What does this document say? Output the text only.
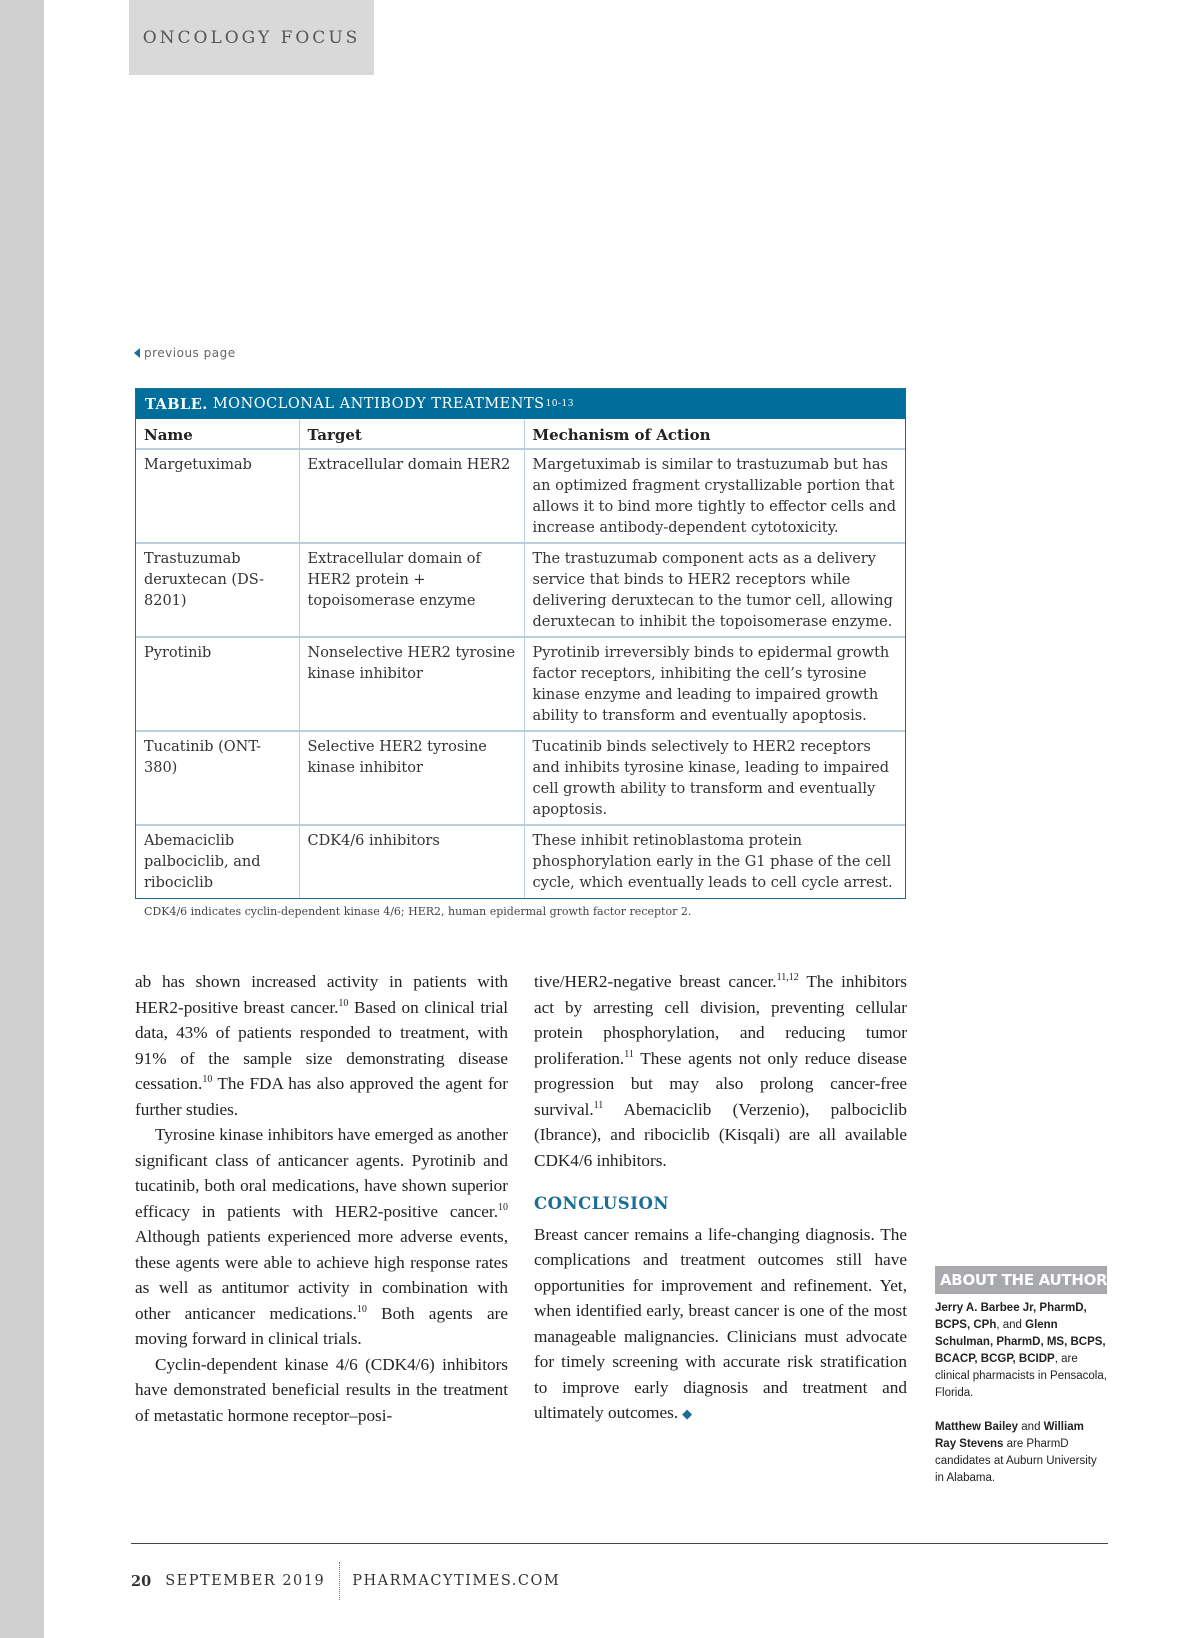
ONCOLOGY FOCUS
previous page
TABLE. MONOCLONAL ANTIBODY TREATMENTS 10-13
Name	Target	Mechanism of Action
Margetuximab	Extracellular domain HER2	Margetuximab is similar to trastuzumab but has an optimized fragment crystallizable portion that allows it to bind more tightly to effector cells and increase antibody-dependent cytotoxicity.
Trastuzumab deruxtecan (DS-8201)	Extracellular domain of HER2 protein + topoisomerase enzyme	The trastuzumab component acts as a delivery service that binds to HER2 receptors while delivering deruxtecan to the tumor cell, allowing deruxtecan to inhibit the topoisomerase enzyme.
Pyrotinib	Nonselective HER2 tyrosine kinase inhibitor	Pyrotinib irreversibly binds to epidermal growth factor receptors, inhibiting the cell’s tyrosine kinase enzyme and leading to impaired growth ability to transform and eventually apoptosis.
Tucatinib (ONT-380)	Selective HER2 tyrosine kinase inhibitor	Tucatinib binds selectively to HER2 receptors and inhibits tyrosine kinase, leading to impaired cell growth ability to transform and eventually apoptosis.
Abemaciclib palbociclib, and ribociclib	CDK4/6 inhibitors	These inhibit retinoblastoma protein phosphorylation early in the G1 phase of the cell cycle, which eventually leads to cell cycle arrest.
CDK4/6 indicates cyclin-dependent kinase 4/6; HER2, human epidermal growth factor receptor 2.

ab has shown increased activity in patients with HER2-positive breast cancer.$^{10}$ Based on clinical trial data, 43% of patients responded to treatment, with 91% of the sample size demonstrating disease cessation.$^{10}$ The FDA has also approved the agent for further studies.

Tyrosine kinase inhibitors have emerged as another significant class of anticancer agents. Pyrotinib and tucatinib, both oral medications, have shown superior efficacy in patients with HER2-positive cancer.$^{10}$ Although patients experienced more adverse events, these agents were able to achieve high response rates as well as antitumor activity in combination with other anticancer medications.$^{10}$ Both agents are moving forward in clinical trials.

Cyclin-dependent kinase 4/6 (CDK4/6) inhibitors have demonstrated beneficial results in the treatment of metastatic hormone receptor–posi-

tive/HER2-negative breast cancer.$^{11,12}$ The inhibitors act by arresting cell division, preventing cellular protein phosphorylation, and reducing tumor proliferation.$^{11}$ These agents not only reduce disease progression but may also prolong cancer-free survival.$^{11}$ Abemaciclib (Verzenio), palbociclib (Ibrance), and ribociclib (Kisqali) are all available CDK4/6 inhibitors.

CONCLUSION

Breast cancer remains a life-changing diagnosis. The complications and treatment outcomes still have opportunities for improvement and refinement. Yet, when identified early, breast cancer is one of the most manageable malignancies. Clinicians must advocate for timely screening with accurate risk stratification to improve early diagnosis and treatment and ultimately outcomes. ◆

ABOUT THE AUTHORS

Jerry A. Barbee Jr, PharmD, BCPS, CPh, and Glenn Schulman, PharmD, MS, BCPS, BCACP, BCGP, BCIDP, are clinical pharmacists in Pensacola, Florida.

Matthew Bailey and William Ray Stevens are PharmD candidates at Auburn University in Alabama.

20 SEPTEMBER 2019 PHARMACYTIMES.COM
